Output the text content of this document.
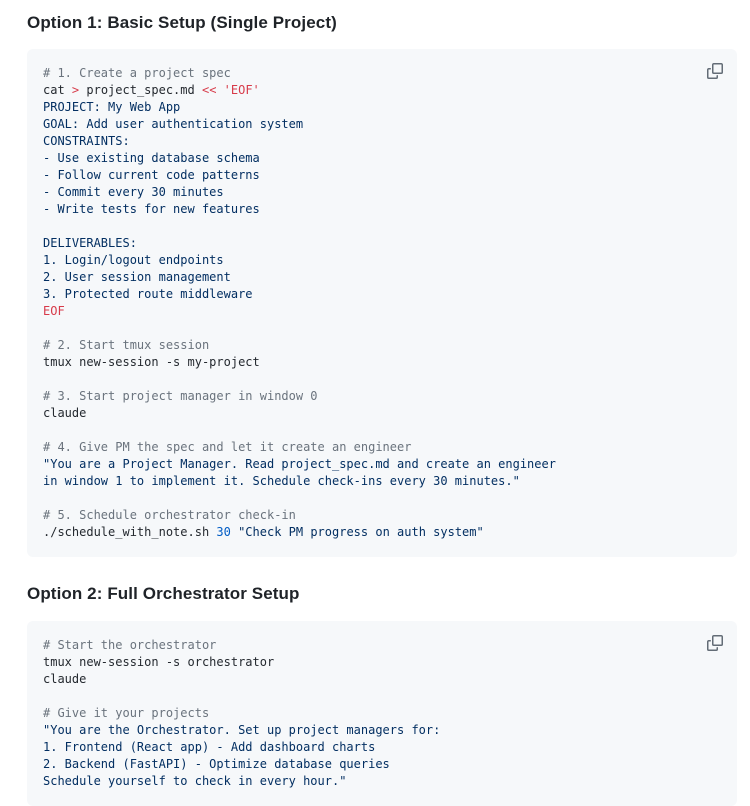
Option 1: Basic Setup (Single Project)
# 1. Create a project spec
cat > project_spec.md << 'EOF'
PROJECT: My Web App
GOAL: Add user authentication system
CONSTRAINTS:
- Use existing database schema
- Follow current code patterns
- Commit every 30 minutes
- Write tests for new features
DELIVERABLES:
1. Login/logout endpoints
2. User session management
3. Protected route middleware
EOF
# 2. Start tmux session
tmux new-session -s my-project
# 3. Start project manager in window 0
claude
# 4. Give PM the spec and let it create an engineer
"You are a Project Manager. Read project_spec.md and create an engineer
in window 1 to implement it. Schedule check-ins every 30 minutes."
# 5. Schedule orchestrator check-in
./schedule_with_note.sh 30 "Check PM progress on auth system"
Option 2: Full Orchestrator Setup
# Start the orchestrator
tmux new-session -s orchestrator
claude
# Give it your projects
"You are the Orchestrator. Set up project managers for:
1. Frontend (React app) - Add dashboard charts
2. Backend (FastAPI) - Optimize database queries
Schedule yourself to check in every hour."
